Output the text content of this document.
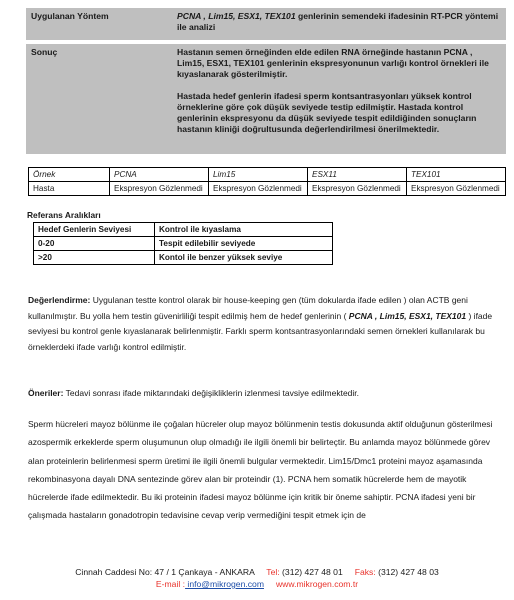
Uygulanan Yöntem	PCNA , Lim15, ESX1, TEX101 genlerinin semendeki ifadesinin RT-PCR yöntemi ile analizi
Sonuç	Hastanın semen örneğinden elde edilen RNA örneğinde hastanın PCNA , Lim15, ESX1, TEX101 genlerinin ekspresyonunun varlığı kontrol örnekleri ile kıyaslanarak gösterilmiştir.

Hastada hedef genlerin ifadesi sperm kontsantrasyonları yüksek kontrol örneklerine göre çok düşük seviyede testip edilmiştir. Hastada kontrol genlerinin ekspresyonu da düşük seviyede tespit edildiğinden sonuçların hastanın kliniği doğrultusunda değerlendirilmesi önerilmektedir.

Örnek	PCNA	Lim15	ESX11	TEX101
Hasta	Ekspresyon Gözlenmedi	Ekspresyon Gözlenmedi	Ekspresyon Gözlenmedi	Ekspresyon Gözlenmedi
Referans Aralıkları
Hedef Genlerin Seviyesi	Kontrol ile kıyaslama
0-20	Tespit edilebilir seviyede
>20	Kontol ile benzer yüksek seviye
Değerlendirme: Uygulanan testte kontrol olarak bir house-keeping gen (tüm dokularda ifade edilen ) olan ACTB geni kullanılmıştır. Bu yolla hem testin güvenirliliği tespit edilmiş hem de hedef genlerinin ( PCNA , Lim15, ESX1, TEX101 ) ifade seviyesi bu kontrol genle kıyaslanarak belirlenmiştir. Farklı sperm kontsantrasyonlarındaki semen örnekleri kullanılarak bu örneklerdeki ifade varlığı kontrol edilmiştir.
Öneriler: Tedavi sonrası ifade miktarındaki değişikliklerin izlenmesi tavsiye edilmektedir.
Sperm hücreleri mayoz bölünme ile çoğalan hücreler olup mayoz bölünmenin testis dokusunda aktif olduğunun gösterilmesi azospermik erkeklerde sperm oluşumunun olup olmadığı ile ilgili önemli bir belirteçtir. Bu anlamda mayoz bölünmede görev alan proteinlerin belirlenmesi sperm üretimi ile ilgili önemli bulgular vermektedir. Lim15/Dmc1 proteini mayoz aşamasında rekombinasyona dayalı DNA sentezinde görev alan bir proteindir (1). PCNA hem somatik hücrelerde hem de mayotik hücrelerde ifade edilmektedir. Bu iki proteinin ifadesi mayoz bölünme için kritik bir öneme sahiptir. PCNA ifadesi yeni bir çalışmada hastaların gonadotropin tedavisine cevap verip vermediğini tespit etmek için de
Cinnah Caddesi No: 47 / 1 Çankaya - ANKARA Tel: (312) 427 48 01 Faks: (312) 427 48 03
E-mail : info@mikrogen.com www.mikrogen.com.tr
